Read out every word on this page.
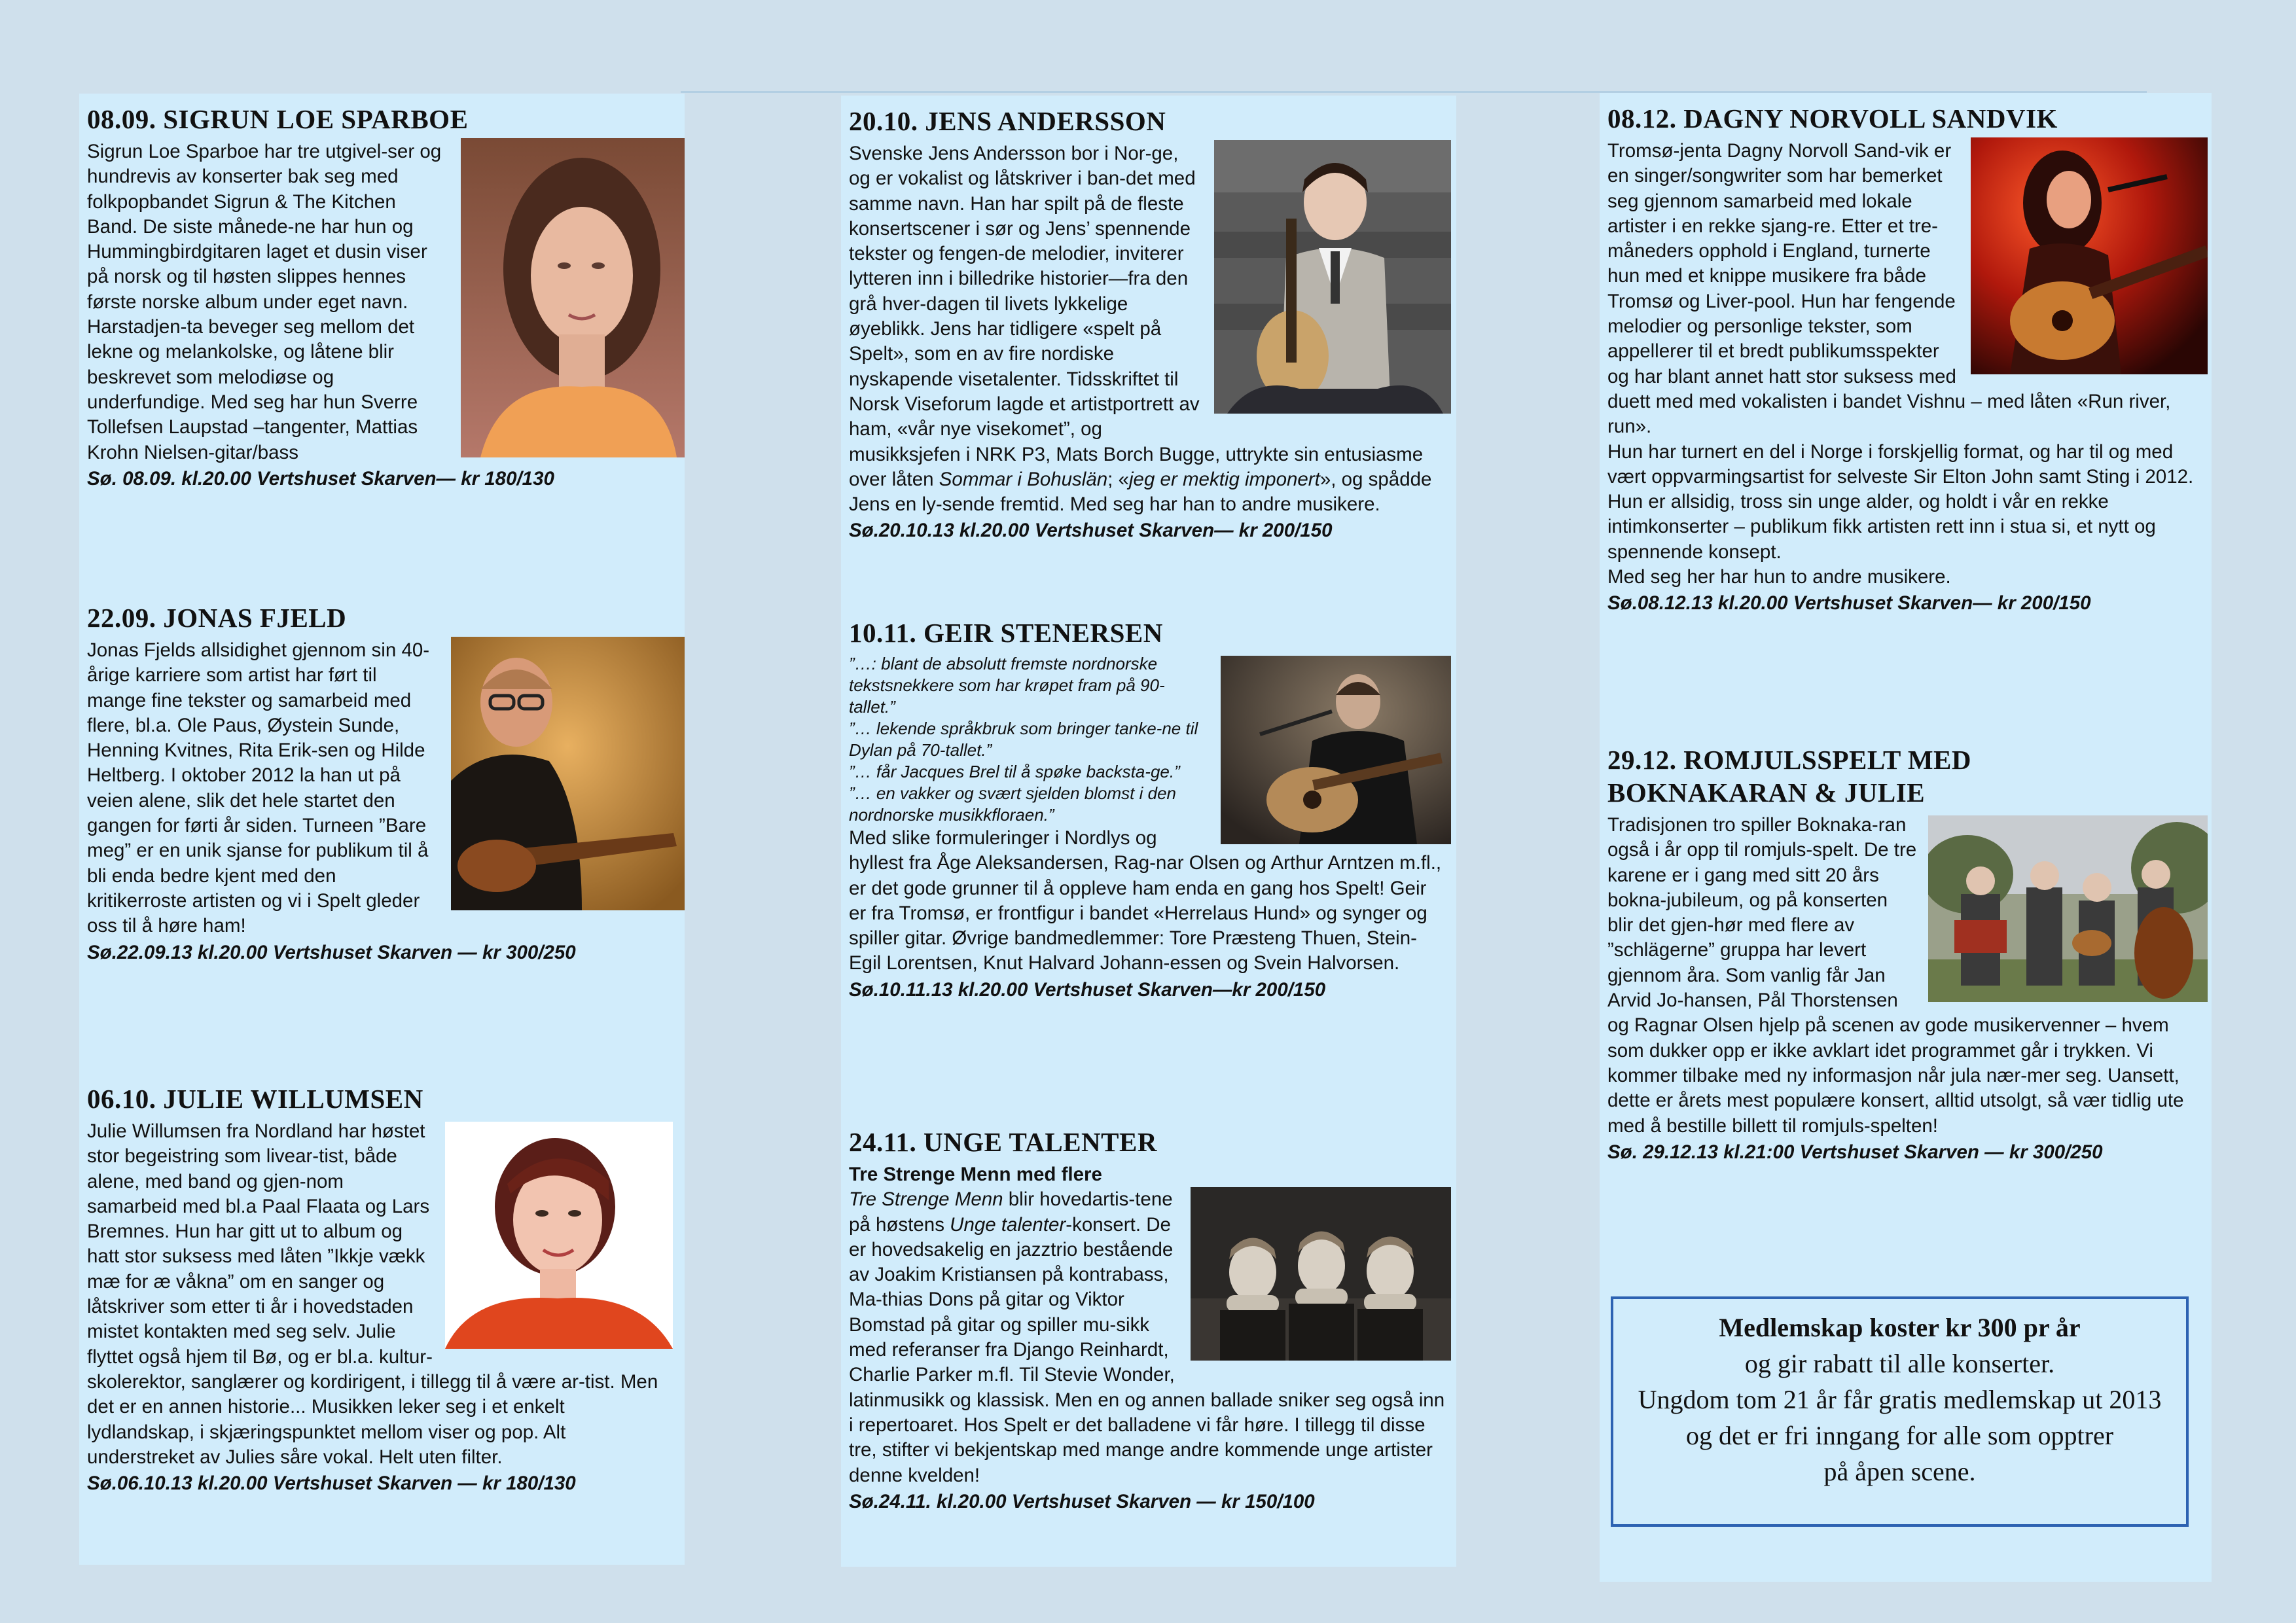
08.09. SIGRUN LOE SPARBOE
Sigrun Loe Sparboe har tre utgivel-ser og hundrevis av konserter bak seg med folkpopbandet Sigrun & The Kitchen Band. De siste månede-ne har hun og Hummingbirdgitaren laget et dusin viser på norsk og til høsten slippes hennes første norske album under eget navn. Harstadjen-ta beveger seg mellom det lekne og melankolske, og låtene blir beskrevet som melodiøse og underfundige. Med seg har hun Sverre Tollefsen Laupstad –tangenter, Mattias Krohn Nielsen-gitar/bass
Sø. 08.09. kl.20.00 Vertshuset Skarven— kr 180/130
22.09. JONAS FJELD
Jonas Fjelds allsidighet gjennom sin 40-årige karriere som artist har ført til mange fine tekster og samarbeid med flere, bl.a. Ole Paus, Øystein Sunde, Henning Kvitnes, Rita Erik-sen og Hilde Heltberg. I oktober 2012 la han ut på veien alene, slik det hele startet den gangen for førti år siden. Turneen ”Bare meg” er en unik sjanse for publikum til å bli enda bedre kjent med den kritikerroste artisten og vi i Spelt gleder oss til å høre ham!
Sø.22.09.13 kl.20.00 Vertshuset Skarven — kr 300/250
06.10. JULIE WILLUMSEN
Julie Willumsen fra Nordland har høstet stor begeistring som livear-tist, både alene, med band og gjen-nom samarbeid med bl.a Paal Flaata og Lars Bremnes. Hun har gitt ut to album og hatt stor suksess med låten ”Ikkje vækk mæ for æ våkna” om en sanger og låtskriver som etter ti år i hovedstaden mistet kontakten med seg selv. Julie flyttet også hjem til Bø, og er bl.a. kultur-skolerektor, sanglærer og kordirigent, i tillegg til å være ar-tist. Men det er en annen historie... Musikken leker seg i et enkelt lydlandskap, i skjæringspunktet mellom viser og pop. Alt understreket av Julies såre vokal. Helt uten filter.
Sø.06.10.13 kl.20.00 Vertshuset Skarven — kr 180/130
20.10. JENS ANDERSSON
Svenske Jens Andersson bor i Nor-ge, og er vokalist og låtskriver i ban-det med samme navn. Han har spilt på de fleste konsertscener i sør og Jens’ spennende tekster og fengen-de melodier, inviterer lytteren inn i billedrike historier—fra den grå hver-dagen til livets lykkelige øyeblikk. Jens har tidligere «spelt på Spelt», som en av fire nordiske nyskapende visetalenter. Tidsskriftet til Norsk Viseforum lagde et artistportrett av ham, «vår nye visekomet”, og musikksjefen i NRK P3, Mats Borch Bugge, uttrykte sin entusiasme over låten Sommar i Bohuslän; «jeg er mektig imponert», og spådde Jens en ly-sende fremtid. Med seg har han to andre musikere.
Sø.20.10.13 kl.20.00 Vertshuset Skarven— kr 200/150
10.11. GEIR STENERSEN
”…: blant de absolutt fremste nordnorske tekstsnekkere som har krøpet fram på 90-tallet.”
”… lekende språkbruk som bringer tanke-ne til Dylan på 70-tallet.”
”… får Jacques Brel til å spøke backsta-ge.”
”… en vakker og svært sjelden blomst i den nordnorske musikkfloraen.”
Med slike formuleringer i Nordlys og hyllest fra Åge Aleksandersen, Rag-nar Olsen og Arthur Arntzen m.fl., er det gode grunner til å oppleve ham enda en gang hos Spelt! Geir er fra Tromsø, er frontfigur i bandet «Herrelaus Hund» og synger og spiller gitar. Øvrige bandmedlemmer: Tore Præsteng Thuen, Stein-Egil Lorentsen, Knut Halvard Johann-essen og Svein Halvorsen.
Sø.10.11.13 kl.20.00 Vertshuset Skarven—kr 200/150
24.11. UNGE TALENTER
Tre Strenge Menn med flere
Tre Strenge Menn blir hovedartis-tene på høstens Unge talenter-konsert. De er hovedsakelig en jazztrio bestående av Joakim Kristiansen på kontrabass, Ma-thias Dons på gitar og Viktor Bomstad på gitar og spiller mu-sikk med referanser fra Django Reinhardt, Charlie Parker m.fl. Til Stevie Wonder, latinmusikk og klassisk. Men en og annen ballade sniker seg også inn i repertoaret. Hos Spelt er det balladene vi får høre. I tillegg til disse tre, stifter vi bekjentskap med mange andre kommende unge artister denne kvelden!
Sø.24.11. kl.20.00 Vertshuset Skarven — kr 150/100
08.12. DAGNY NORVOLL SANDVIK
Tromsø-jenta Dagny Norvoll Sand-vik er en singer/songwriter som har bemerket seg gjennom samarbeid med lokale artister i en rekke sjang-re. Etter et tre-måneders opphold i England, turnerte hun med et knippe musikere fra både Tromsø og Liver-pool. Hun har fengende melodier og personlige tekster, som appellerer til et bredt publikumsspekter og har blant annet hatt stor suksess med duett med med vokalisten i bandet Vishnu – med låten «Run river, run».
Hun har turnert en del i Norge i forskjellig format, og har til og med vært oppvarmingsartist for selveste Sir Elton John samt Sting i 2012. Hun er allsidig, tross sin unge alder, og holdt i vår en rekke intimkonserter – publikum fikk artisten rett inn i stua si, et nytt og spennende konsept.
Med seg her har hun to andre musikere.
Sø.08.12.13 kl.20.00 Vertshuset Skarven— kr 200/150
29.12. ROMJULSSPELT MED
BOKNAKARAN & JULIE
Tradisjonen tro spiller Boknaka-ran også i år opp til romjuls-spelt. De tre karene er i gang med sitt 20 års bokna-jubileum, og på konserten blir det gjen-hør med flere av ”schlägerne” gruppa har levert gjennom åra. Som vanlig får Jan Arvid Jo-hansen, Pål Thorstensen og Ragnar Olsen hjelp på scenen av gode musikervenner – hvem som dukker opp er ikke avklart idet programmet går i trykken. Vi kommer tilbake med ny informasjon når jula nær-mer seg. Uansett, dette er årets mest populære konsert, alltid utsolgt, så vær tidlig ute med å bestille billett til romjuls-spelten!
Sø. 29.12.13 kl.21:00 Vertshuset Skarven — kr 300/250
Medlemskap koster kr 300 pr år
og gir rabatt til alle konserter.
Ungdom tom 21 år får gratis medlemskap ut 2013
og det er fri inngang for alle som opptrer
på åpen scene.
